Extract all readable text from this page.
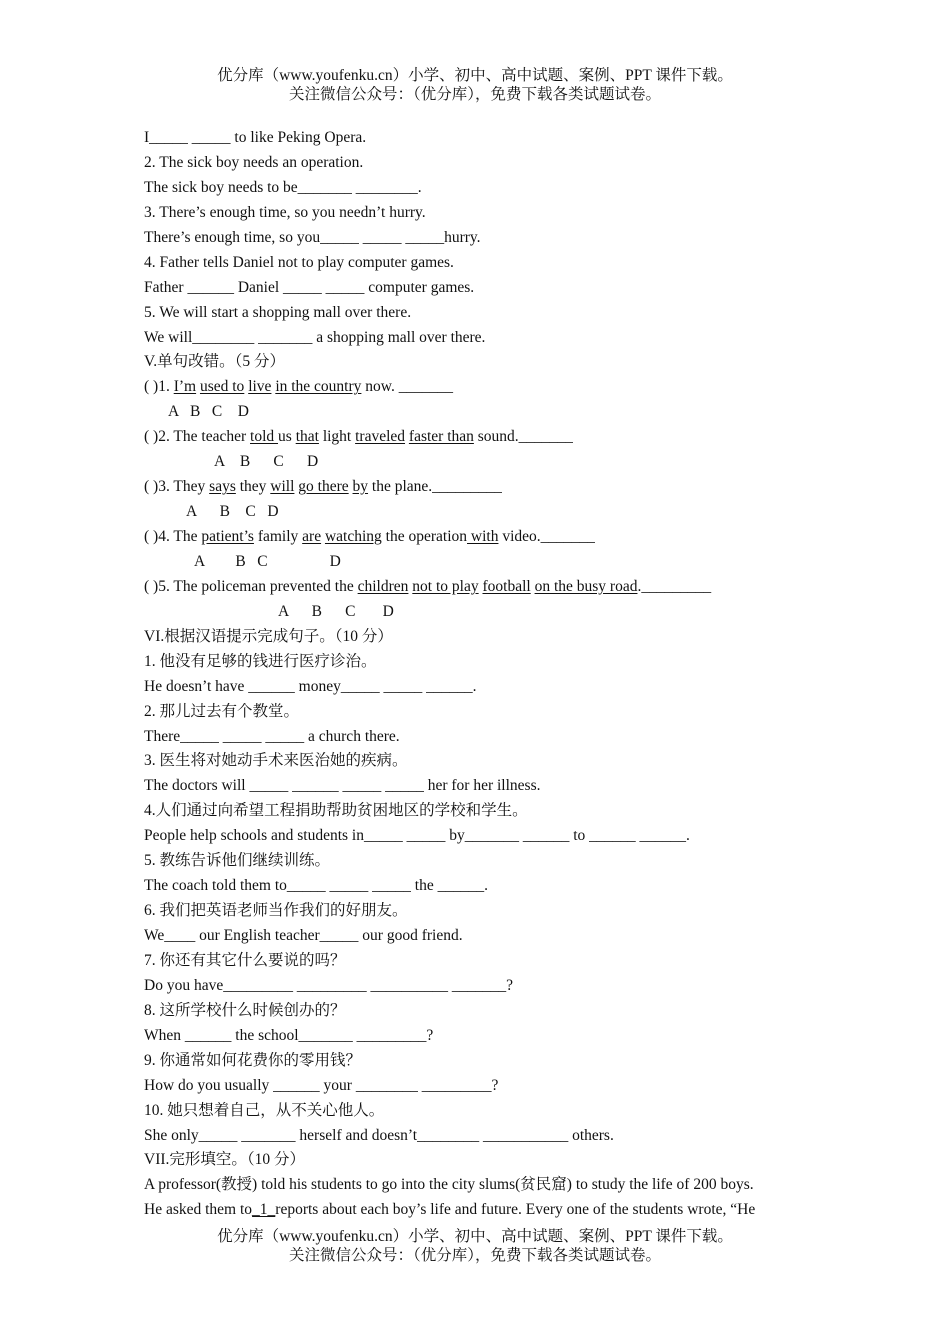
优分库（www.youfenku.cn）小学、初中、高中试题、案例、PPT 课件下载。
关注微信公众号：（优分库），免费下载各类试题试卷。
I_____ _____ to like Peking Opera.
2. The sick boy needs an operation.
The sick boy needs to be_______ ________.
3. There’s enough time, so you needn’t hurry.
There’s enough time, so you_____ _____ _____hurry.
4. Father tells Daniel not to play computer games.
Father ______ Daniel _____ _____ computer games.
5. We will start a shopping mall over there.
We will________ _______ a shopping mall over there.
V.单句改错。（5 分）
( )1. I’m used to live in the country now. _______
A   B   C    D
( )2. The teacher told us that light traveled faster than sound._______
A    B      C      D
( )3. They says they will go there by the plane._________
A      B    C   D
( )4. The patient’s family are watching the operation with video._______
A        B   C                D
( )5. The policeman prevented the children not to play football on the busy road._________
A      B      C       D
VI.根据汉语提示完成句子。（10 分）
1. 他没有足够的钱进行医疗诊治。
He doesn’t have ______ money_____ _____ ______.
2. 那儿过去有个教堂。
There_____ _____ _____ a church there.
3. 医生将对她动手术来医治她的疾病。
The doctors will _____ ______ _____ _____ her for her illness.
4.人们通过向希望工程捐助帮助贫困地区的学校和学生。
People help schools and students in_____ _____ by_______ ______ to ______ ______.
5. 教练告诉他们继续训练。
The coach told them to_____ _____ _____ the ______.
6. 我们把英语老师当作我们的好朋友。
We____ our English teacher_____ our good friend.
7. 你还有其它什么要说的吗？
Do you have_________ _________ __________ _______?
8. 这所学校什么时候创办的？
When ______ the school_______ _________?
9. 你通常如何花费你的零用钱？
How do you usually ______ your ________ _________?
10. 她只想着自己，从不关心他人。
She only_____ _______ herself and doesn’t________ ___________ others.
VII.完形填空。（10 分）
A professor(教授) told his students to go into the city slums(贫民窟) to study the life of 200 boys.
He asked them to_1_reports about each boy’s life and future. Every one of the students wrote, “He
优分库（www.youfenku.cn）小学、初中、高中试题、案例、PPT 课件下载。
关注微信公众号：（优分库），免费下载各类试题试卷。
